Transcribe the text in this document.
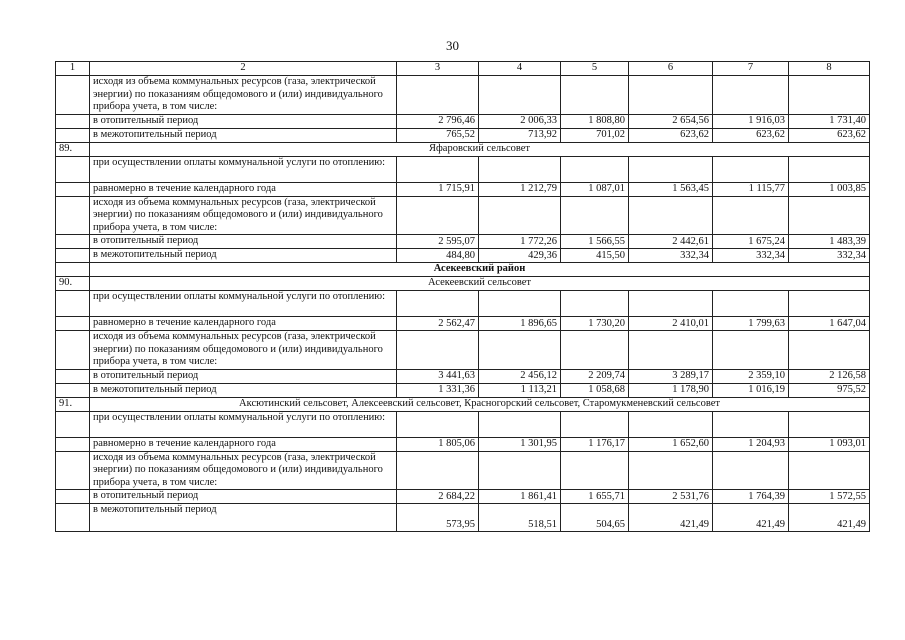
30
1	2	3	4	5	6	7	8
	исходя из объема коммунальных ресурсов (газа, электрической энергии) по показаниям общедомового и (или) индивидуального прибора учета, в том числе:						
	в отопительный период	2 796,46	2 006,33	1 808,80	2 654,56	1 916,03	1 731,40
	в межотопительный период	765,52	713,92	701,02	623,62	623,62	623,62
89.	Яфаровский сельсовет						
	при осуществлении оплаты коммунальной услуги по отоплению:						
	равномерно в течение календарного года	1 715,91	1 212,79	1 087,01	1 563,45	1 115,77	1 003,85
	исходя из объема коммунальных ресурсов (газа, электрической энергии) по показаниям общедомового и (или) индивидуального прибора учета, в том числе:						
	в отопительный период	2 595,07	1 772,26	1 566,55	2 442,61	1 675,24	1 483,39
	в межотопительный период	484,80	429,36	415,50	332,34	332,34	332,34
	Асекеевский район						
90.	Асекеевский сельсовет						
	при осуществлении оплаты коммунальной услуги по отоплению:						
	равномерно в течение календарного года	2 562,47	1 896,65	1 730,20	2 410,01	1 799,63	1 647,04
	исходя из объема коммунальных ресурсов (газа, электрической энергии) по показаниям общедомового и (или) индивидуального прибора учета, в том числе:						
	в отопительный период	3 441,63	2 456,12	2 209,74	3 289,17	2 359,10	2 126,58
	в межотопительный период	1 331,36	1 113,21	1 058,68	1 178,90	1 016,19	975,52
91.	Аксютинский сельсовет, Алексеевский сельсовет, Красногорский сельсовет, Старомукменевский сельсовет						
	при осуществлении оплаты коммунальной услуги по отоплению:						
	равномерно в течение календарного года	1 805,06	1 301,95	1 176,17	1 652,60	1 204,93	1 093,01
	исходя из объема коммунальных ресурсов (газа, электрической энергии) по показаниям общедомового и (или) индивидуального прибора учета, в том числе:						
	в отопительный период	2 684,22	1 861,41	1 655,71	2 531,76	1 764,39	1 572,55
	в межотопительный период	573,95	518,51	504,65	421,49	421,49	421,49
